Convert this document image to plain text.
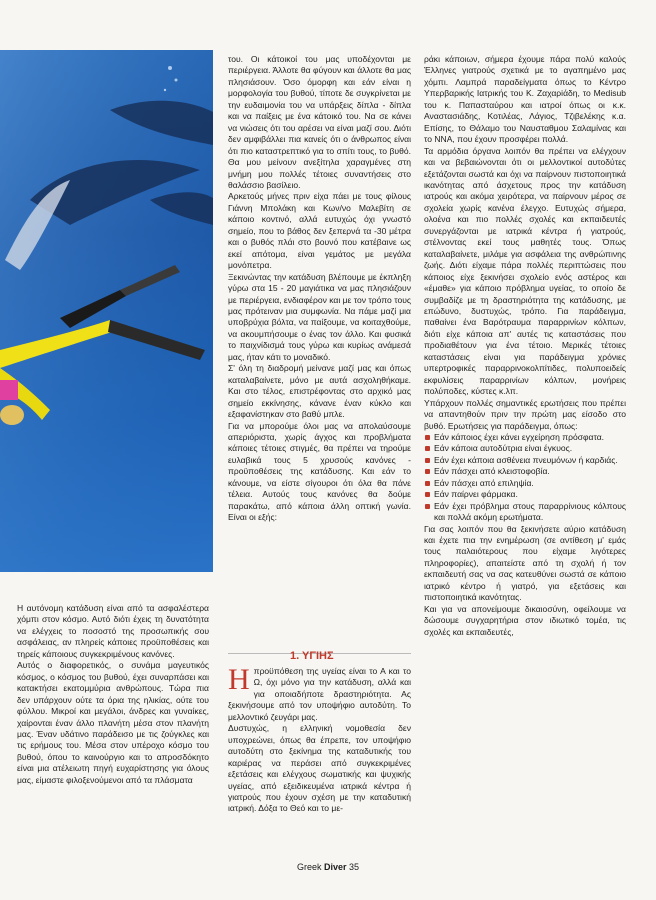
Η αυτόνομη κατάδυση είναι από τα ασφαλέστερα χόμπι στον κόσμο. Αυτό διότι έχεις τη δυνατότητα να ελέγχεις το ποσοστό της προσωπικής σου ασφάλειας, αν πληρείς κάποιες προϋποθέσεις και τηρείς κάποιους συγκεκριμένους κανόνες.

Αυτός ο διαφορετικός, ο συνάμα μαγευτικός κόσμος, ο κόσμος του βυθού, έχει συναρπάσει και κατακτήσει εκατομμύρια ανθρώπους. Τώρα πια δεν υπάρχουν ούτε τα όρια της ηλικίας, ούτε του φύλλου. Μικροί και μεγάλοι, άνδρες και γυναίκες, χαίρονται έναν άλλο πλανήτη μέσα στον πλανήτη μας. Έναν υδάτινο παράδεισο με τις ζούγκλες και τις ερήμους του. Μέσα στον υπέροχο κόσμο του βυθού, όπου το καινούργιο και το απροσδόκητο είναι μια ατέλειωτη πηγή ευχαρίστησης για όλους μας, είμαστε φιλοξενούμενοι από τα πλάσματα

του. Οι κάτοικοί του μας υποδέχονται με περιέργεια. Άλλοτε θα φύγουν και άλλοτε θα μας πλησιάσουν. Όσο όμορφη και εάν είναι η μορφολογία του βυθού, τίποτε δε συγκρίνεται με την ευδαιμονία του να υπάρξεις δίπλα - δίπλα και να παίξεις με ένα κάτοικό του. Να σε κάνει να νιώσεις ότι του αρέσει να είναι μαζί σου. Διότι δεν αμφιβάλλει πια κανείς ότι ο άνθρωπος είναι ότι πιο καταστρεπτικό για το σπίτι τους, το βυθό. Θα μου μείνουν ανεξίτηλα χαραγμένες στη μνήμη μου πολλές τέτοιες συναντήσεις στο θαλάσσιο βασίλειο.

Αρκετούς μήνες πριν είχα πάει με τους φίλους Γιάννη Μπολάκη και Κων/νο Μαλεβίτη σε κάποιο κοντινό, αλλά ευτυχώς όχι γνωστό σημείο, που το βάθος δεν ξεπερνά τα -30 μέτρα και ο βυθός πλάι στο βουνό που κατέβαινε ως εκεί απότομα, είναι γεμάτος με μεγάλα μονόπετρα.

Ξεκινώντας την κατάδυση βλέπουμε με έκπληξη γύρω στα 15 - 20 μαγιάτικα να μας πλησιάζουν με περιέργεια, ενδιαφέρον και με τον τρόπο τους μας πρότειναν μια συμφωνία. Να πάμε μαζί μια υποβρύχια βόλτα, να παίξουμε, να κοιταχθούμε, να ακουμπήσουμε ο ένας τον άλλο. Και φυσικά το παιχνίδισμά τους γύρω και κυρίως ανάμεσά μας, ήταν κάτι το μοναδικό.

Σ' όλη τη διαδρομή μείνανε μαζί μας και όπως καταλαβαίνετε, μόνο με αυτά ασχοληθήκαμε. Και στο τέλος, επιστρέφοντας στο αρχικό μας σημείο εκκίνησης, κάνανε έναν κύκλο και εξαφανίστηκαν στο βαθύ μπλε.

Για να μπορούμε όλοι μας να απολαύσουμε απεριόριστα, χωρίς άγχος και προβλήματα κάποιες τέτοιες στιγμές, θα πρέπει να τηρούμε ευλαβικά τους 5 χρυσούς κανόνες - προϋποθέσεις της κατάδυσης. Και εάν το κάνουμε, να είστε σίγουροι ότι όλα θα πάνε τέλεια. Αυτούς τους κανόνες θα δούμε παρακάτω, από κάποια άλλη οπτική γωνία. Είναι οι εξής:

1. ΥΓΙΗΣ

Η προϋπόθεση της υγείας είναι το Α και το Ω, όχι μόνο για την κατάδυση, αλλά και για οποιαδήποτε δραστηριότητα. Ας ξεκινήσουμε από τον υποψήφιο αυτοδύτη. Το μελλοντικό ζευγάρι μας.

Δυστυχώς, η ελληνική νομοθεσία δεν υποχρεώνει, όπως θα έπρεπε, τον υποψήφιο αυτοδύτη στο ξεκίνημα της καταδυτικής του καριέρας να περάσει από συγκεκριμένες εξετάσεις και ελέγχους σωματικής και ψυχικής υγείας, από εξειδικευμένα ιατρικά κέντρα ή γιατρούς που έχουν σχέση με την καταδυτική ιατρική. Δόξα το Θεό και το με-

ράκι κάποιων, σήμερα έχουμε πάρα πολύ καλούς Έλληνες γιατρούς σχετικά με το αγαπημένο μας χόμπι. Λαμπρά παραδείγματα όπως το Κέντρο Υπερβαρικής Ιατρικής του Κ. Ζαχαρiάδη, το Medisub του κ. Παπασταύρου και ιατροί όπως οι κ.κ. Αναστασιάδης, Κοτιλέας, Λάγιος, Τζιβελέκης κ.α. Επίσης, το Θάλαμο του Ναυσταθμου Σαλαμίνας και το ΝΝΑ, που έχουν προσφέρει πολλά.

Τα αρμόδια όργανα λοιπόν θα πρέπει να ελέγχουν και να βεβαιώνονται ότι οι μελλοντικοί αυτοδύτες εξετάζονται σωστά και όχι να παίρνουν πιστοποιητικά ικανότητας από άσχετους προς την κατάδυση ιατρούς και ακόμα χειρότερα, να παίρνουν μέρος σε σχολεία χωρίς κανένα έλεγχο. Ευτυχώς σήμερα, ολοένα και πιο πολλές σχολές και εκπαιδευτές συνεργάζονται με ιατρικά κέντρα ή γιατρούς, στέλνοντας εκεί τους μαθητές τους. Όπως καταλαβαίνετε, μιλάμε για ασφάλεια της ανθρώπινης ζωής. Διότι είχαμε πάρα πολλές περιπτώσεις που κάποιος είχε ξεκινήσει σχολείο ενός αστέρος και «έμαθε» για κάποιο πρόβλημα υγείας, το οποίο δε συμβαδίζε με τη δραστηριότητα της κατάδυσης, με επώδυνο, δυστυχώς, τρόπο. Για παράδειγμα, παθαίνει ένα Βαρότραυμα παραρρινίων κόλπων, διότι είχε κάποια απ' αυτές τις καταστάσεις που προδιαθέτουν για ένα τέτοιο. Μερικές τέτοιες καταστάσεις είναι για παράδειγμα χρόνιες υπερτροφικές παραρρινοκολπίτιδες, πολυποειδείς εκφυλίσεις παραρρινίων κόλπων, μονήρεις πολύποδες, κύστες κ.λπ.

Υπάρχουν πολλές σημαντικές ερωτήσεις που πρέπει να απαντηθούν πριν την πρώτη μας είσοδο στο βυθό. Ερωτήσεις για παράδειγμα, όπως:

Εάν κάποιος έχει κάνει εγχείρηση πρόσφατα.

Εάν κάποια αυτοδύτρια είναι έγκυος.

Εάν έχει κάποια ασθένεια πνευμόνων ή καρδιάς.

Εάν πάσχει από κλειστοφοβία.

Εάν πάσχει από επιληψία.

Εάν παίρνει φάρμακα.

Εάν έχει πρόβλημα στους παραρρίνιους κόλπους και πολλά ακόμη ερωτήματα.

Για σας λοιπόν που θα ξεκινήσετε αύριο κατάδυση και έχετε πια την ενημέρωση (σε αντίθεση μ' εμάς τους παλαιότερους που είχαμε λιγότερες πληροφορίες), απαιτείστε από τη σχολή ή τον εκπαιδευτή σας να σας κατευθύνει σωστά σε κάποιο ιατρικό κέντρο ή γιατρό, για εξετάσεις και πιστοποιητικά ικανότητας.

Και για να απονείμουμε δικαιοσύνη, οφείλουμε να δώσουμε συγχαρητήρια στον ιδιωτικό τομέα, τις σχολές και εκπαιδευτές,

Greek Diver 35
